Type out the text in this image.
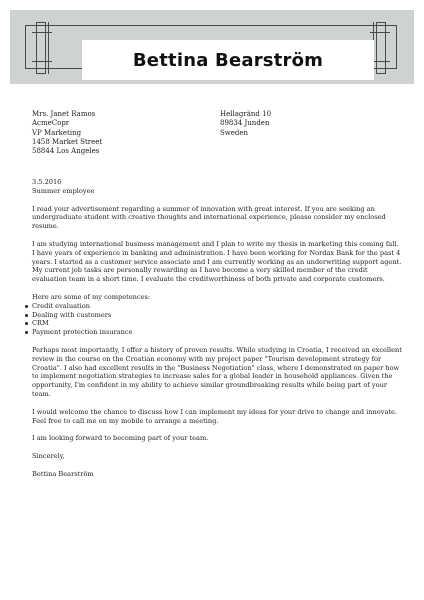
Bettina Bearström
Mrs. Janet Ramos
AcmeCopr
VP Marketing
1458 Market Street
58844 Los Angeles
Hellagränd 10
89834 Junden
Sweden
3.5.2016
Summer employee

I read your advertisement regarding a summer of innovation with great interest. If you are seeking an undergraduate student with creative thoughts and international experience, please consider my enclosed resume.

I am studying international business management and I plan to write my thesis in marketing this coming fall. I have years of experience in banking and administration. I have been working for Nordax Bank for the past 4 years. I started as a customer service associate and I am currently working as an underwriting support agent. My current job tasks are personally rewarding as I have become a very skilled member of the credit evaluation team in a short time. I evaluate the creditworthiness of both private and corporate customers.

Here are some of my competences:
Credit evaluation
Dealing with customers
CRM
Payment protection insurance

Perhaps most importantly, I offer a history of proven results. While studying in Croatia, I received an excellent review in the course on the Croatian economy with my project paper "Tourism development strategy for Croatia". I also had excellent results in the "Business Negotiation" class, where I demonstrated on paper how to implement negotiation strategies to increase sales for a global leader in household appliances. Given the opportunity, I'm confident in my ability to achieve similar groundbreaking results while being part of your team.

I would welcome the chance to discuss how I can implement my ideas for your drive to change and innovate. Feel free to call me on my mobile to arrange a meeting.

I am looking forward to becoming part of your team.

Sincerely,

Bettina Bearström
